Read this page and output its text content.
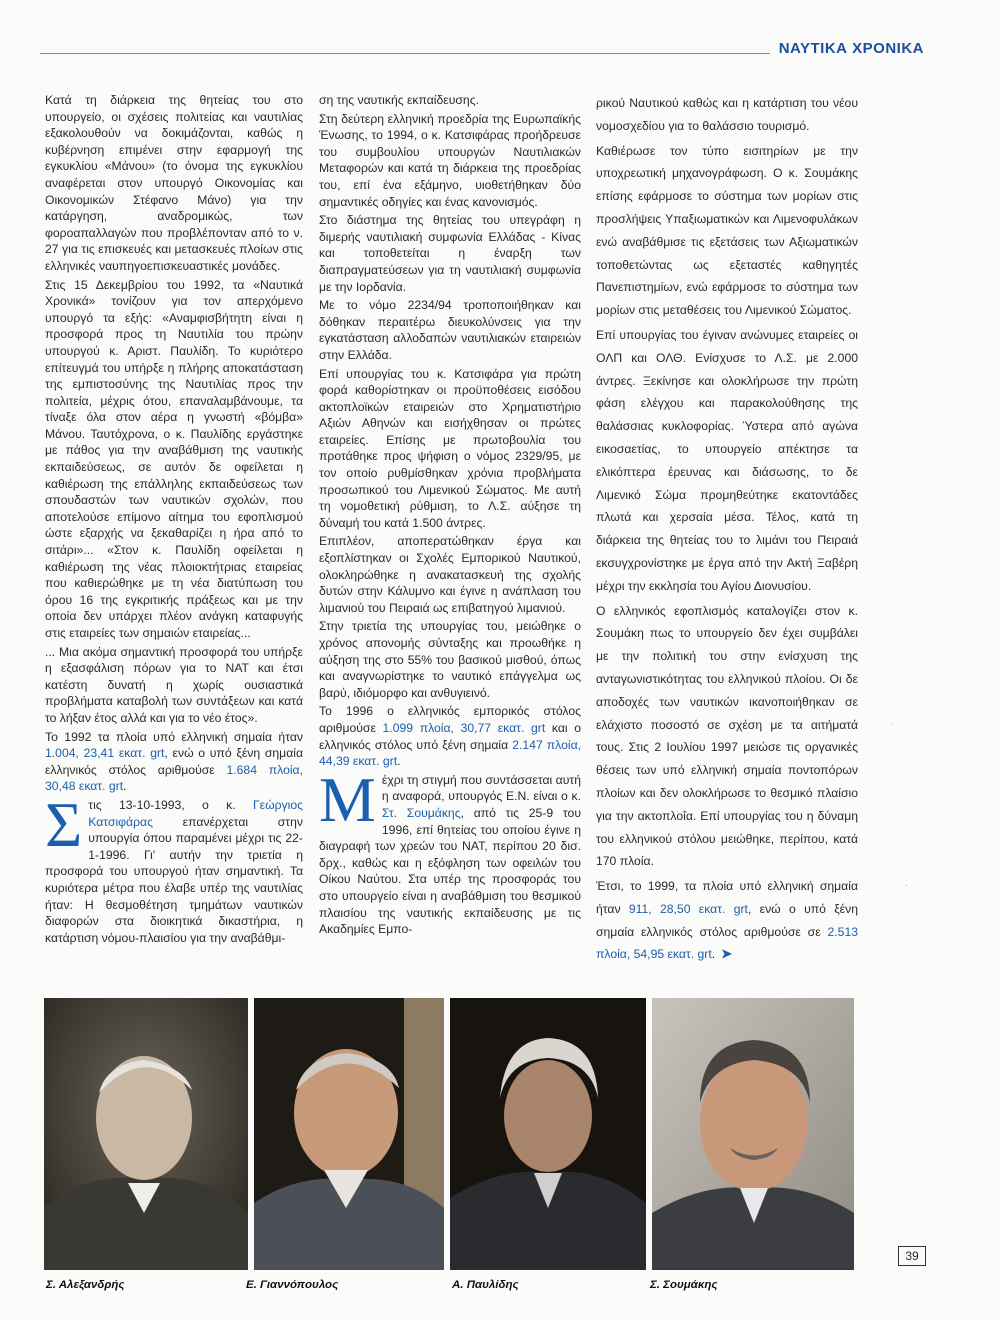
ΝΑΥΤΙΚΑ ΧΡΟΝΙΚΑ

Κατά τη διάρκεια της θητείας του στο υπουργείο, οι σχέσεις πολιτείας και ναυτιλίας εξακολουθούν να δοκιμάζονται, καθώς η κυβέρνηση επιμένει στην εφαρμογή της εγκυκλίου «Μάνου» (το όνομα της εγκυκλίου αναφέρεται στον υπουργό Οικονομίας και Οικονομικών Στέφανο Μάνο) για την κατάργηση, αναδρομικώς, των φοροαπαλλαγών που προβλέπονταν από το ν. 27 για τις επισκευές και μετασκευές πλοίων στις ελληνικές ναυπηγοεπισκευαστικές μονάδες.

Στις 15 Δεκεμβρίου του 1992, τα «Ναυτικά Χρονικά» τονίζουν για τον απερχόμενο υπουργό τα εξής: «Αναμφισβήτητη είναι η προσφορά προς τη Ναυτιλία του πρώην υπουργού κ. Αριστ. Παυλίδη. Το κυριότερο επίτευγμά του υπήρξε η πλήρης αποκατάσταση της εμπιστοσύνης της Ναυτιλίας προς την πολιτεία, μέχρις ότου, επαναλαμβάνουμε, τα τίναξε όλα στον αέρα η γνωστή «βόμβα» Μάνου. Ταυτόχρονα, ο κ. Παυλίδης εργάστηκε με πάθος για την αναβάθμιση της ναυτικής εκπαιδεύσεως, σε αυτόν δε οφείλεται η καθιέρωση της επάλληλης εκπαιδεύσεως των σπουδαστών των ναυτικών σχολών, που αποτελούσε επίμονο αίτημα του εφοπλισμού ώστε εξαρχής να ξεκαθαρίζει η ήρα από το σιτάρι»... «Στον κ. Παυλίδη οφείλεται η καθιέρωση της νέας πλοιοκτήτριας εταιρείας που καθιερώθηκε με τη νέα διατύπωση του όρου 16 της εγκριτικής πράξεως και με την οποία δεν υπάρχει πλέον ανάγκη καταφυγής στις εταιρείες των σημαιών εταιρείας...

... Μια ακόμα σημαντική προσφορά του υπήρξε η εξασφάλιση πόρων για το ΝΑΤ και έτσι κατέστη δυνατή η χωρίς ουσιαστικά προβλήματα καταβολή των συντάξεων και κατά το λήξαν έτος αλλά και για το νέο έτος».

Το 1992 τα πλοία υπό ελληνική σημαία ήταν 1.004, 23,41 εκατ. grt, ενώ ο υπό ξένη σημαία ελληνικός στόλος αριθμούσε 1.684 πλοία, 30,48 εκατ. grt.

Στις 13-10-1993, ο κ. Γεώργιος Κατσιφάρας επανέρχεται στην υπουργία όπου παραμένει μέχρι τις 22-1-1996. Γι' αυτήν την τριετία η προσφορά του υπουργού ήταν σημαντική. Τα κυριότερα μέτρα που έλαβε υπέρ της ναυτιλίας ήταν: Η θεσμοθέτηση τμημάτων ναυτικών διαφορών στα διοικητικά δικαστήρια, η κατάρτιση νόμου-πλαισίου για την αναβάθμι-

ση της ναυτικής εκπαίδευσης.

Στη δεύτερη ελληνική προεδρία της Ευρωπαϊκής Ένωσης, το 1994, ο κ. Κατσιφάρας προήδρευσε του συμβουλίου υπουργών Ναυτιλιακών Μεταφορών και κατά τη διάρκεια της προεδρίας του, επί ένα εξάμηνο, υιοθετήθηκαν δύο σημαντικές οδηγίες και ένας κανονισμός.

Στο διάστημα της θητείας του υπεγράφη η διμερής ναυτιλιακή συμφωνία Ελλάδας - Κίνας και τοποθετείται η έναρξη των διαπραγματεύσεων για τη ναυτιλιακή συμφωνία με την Ιορδανία.

Με το νόμο 2234/94 τροποποιήθηκαν και δόθηκαν περαιτέρω διευκολύνσεις για την εγκατάσταση αλλοδαπών ναυτιλιακών εταιρειών στην Ελλάδα.

Επί υπουργίας του κ. Κατσιφάρα για πρώτη φορά καθορίστηκαν οι προϋποθέσεις εισόδου ακτοπλοϊκών εταιρειών στο Χρηματιστήριο Αξιών Αθηνών και εισήχθησαν οι πρώτες εταιρείες. Επίσης με πρωτοβουλία του προτάθηκε προς ψήφιση ο νόμος 2329/95, με τον οποίο ρυθμίσθηκαν χρόνια προβλήματα προσωπικού του Λιμενικού Σώματος. Με αυτή τη νομοθετική ρύθμιση, το Λ.Σ. αύξησε τη δύναμή του κατά 1.500 άντρες.

Επιπλέον, αποπερατώθηκαν έργα και εξοπλίστηκαν οι Σχολές Εμπορικού Ναυτικού, ολοκληρώθηκε η ανακατασκευή της σχολής δυτών στην Κάλυμνο και έγινε η ανάπλαση του λιμανιού του Πειραιά ως επιβατηγού λιμανιού.

Στην τριετία της υπουργίας του, μειώθηκε ο χρόνος απονομής σύνταξης και προωθήκε η αύξηση της στο 55% του βασικού μισθού, όπως και αναγνωρίστηκε το ναυτικό επάγγελμα ως βαρύ, ιδιόμορφο και ανθυγιεινό.

Το 1996 ο ελληνικός εμπορικός στόλος αριθμούσε 1.099 πλοία, 30,77 εκατ. grt και ο ελληνικός στόλος υπό ξένη σημαία 2.147 πλοία, 44,39 εκατ. grt.

Μέχρι τη στιγμή που συντάσσεται αυτή η αναφορά, υπουργός Ε.Ν. είναι ο κ. Στ. Σουμάκης, από τις 25-9 του 1996, επί θητείας του οποίου έγινε η διαγραφή των χρεών του ΝΑΤ, περίπου 20 δισ. δρχ., καθώς και η εξόφληση των οφειλών του Οίκου Ναύτου. Στα υπέρ της προσφοράς του στο υπουργείο είναι η αναβάθμιση του θεσμικού πλαισίου της ναυτικής εκπαίδευσης με τις Ακαδημίες Εμπο-

ρικού Ναυτικού καθώς και η κατάρτιση του νέου νομοσχεδίου για το θαλάσσιο τουρισμό.

Καθιέρωσε τον τύπο εισιτηρίων με την υποχρεωτική μηχανογράφωση. Ο κ. Σουμάκης επίσης εφάρμοσε το σύστημα των μορίων στις προσλήψεις Υπαξιωματικών και Λιμενοφυλάκων ενώ αναβάθμισε τις εξετάσεις των Αξιωματικών τοποθετώντας ως εξεταστές καθηγητές Πανεπιστημίων, ενώ εφάρμοσε το σύστημα των μορίων στις μεταθέσεις του Λιμενικού Σώματος.

Επί υπουργίας του έγιναν ανώνυμες εταιρείες οι ΟΛΠ και ΟΛΘ. Ενίσχυσε το Λ.Σ. με 2.000 άντρες. Ξεκίνησε και ολοκλήρωσε την πρώτη φάση ελέγχου και παρακολούθησης της θαλάσσιας κυκλοφορίας. Ύστερα από αγώνα εικοσαετίας, το υπουργείο απέκτησε τα ελικόπτερα έρευνας και διάσωσης, το δε Λιμενικό Σώμα προμηθεύτηκε εκατοντάδες πλωτά και χερσαία μέσα. Τέλος, κατά τη διάρκεια της θητείας του το λιμάνι του Πειραιά εκσυγχρονίστηκε με έργα από την Ακτή Ξαβέρη μέχρι την εκκλησία του Αγίου Διονυσίου.

Ο ελληνικός εφοπλισμός καταλογίζει στον κ. Σουμάκη πως το υπουργείο δεν έχει συμβάλει με την πολιτική του στην ενίσχυση της ανταγωνιστικότητας του ελληνικού πλοίου. Οι δε αποδοχές των ναυτικών ικανοποιήθηκαν σε ελάχιστο ποσοστό σε σχέση με τα αιτήματά τους. Στις 2 Ιουλίου 1997 μειώσε τις οργανικές θέσεις των υπό ελληνική σημαία ποντοπόρων πλοίων και δεν ολοκλήρωσε το θεσμικό πλαίσιο για την ακτοπλοΐα. Επί υπουργίας του η δύναμη του ελληνικού στόλου μειώθηκε, περίπου, κατά 170 πλοία.

Έτσι, το 1999, τα πλοία υπό ελληνική σημαία ήταν 911, 28,50 εκατ. grt, ενώ ο υπό ξένη σημαία ελληνικός στόλος αριθμούσε σε 2.513 πλοία, 54,95 εκατ. grt. ➤

·
·
Σ. Αλεξανδρής	Ε. Γιαννόπουλος	Α. Παυλίδης	Σ. Σουμάκης
39
